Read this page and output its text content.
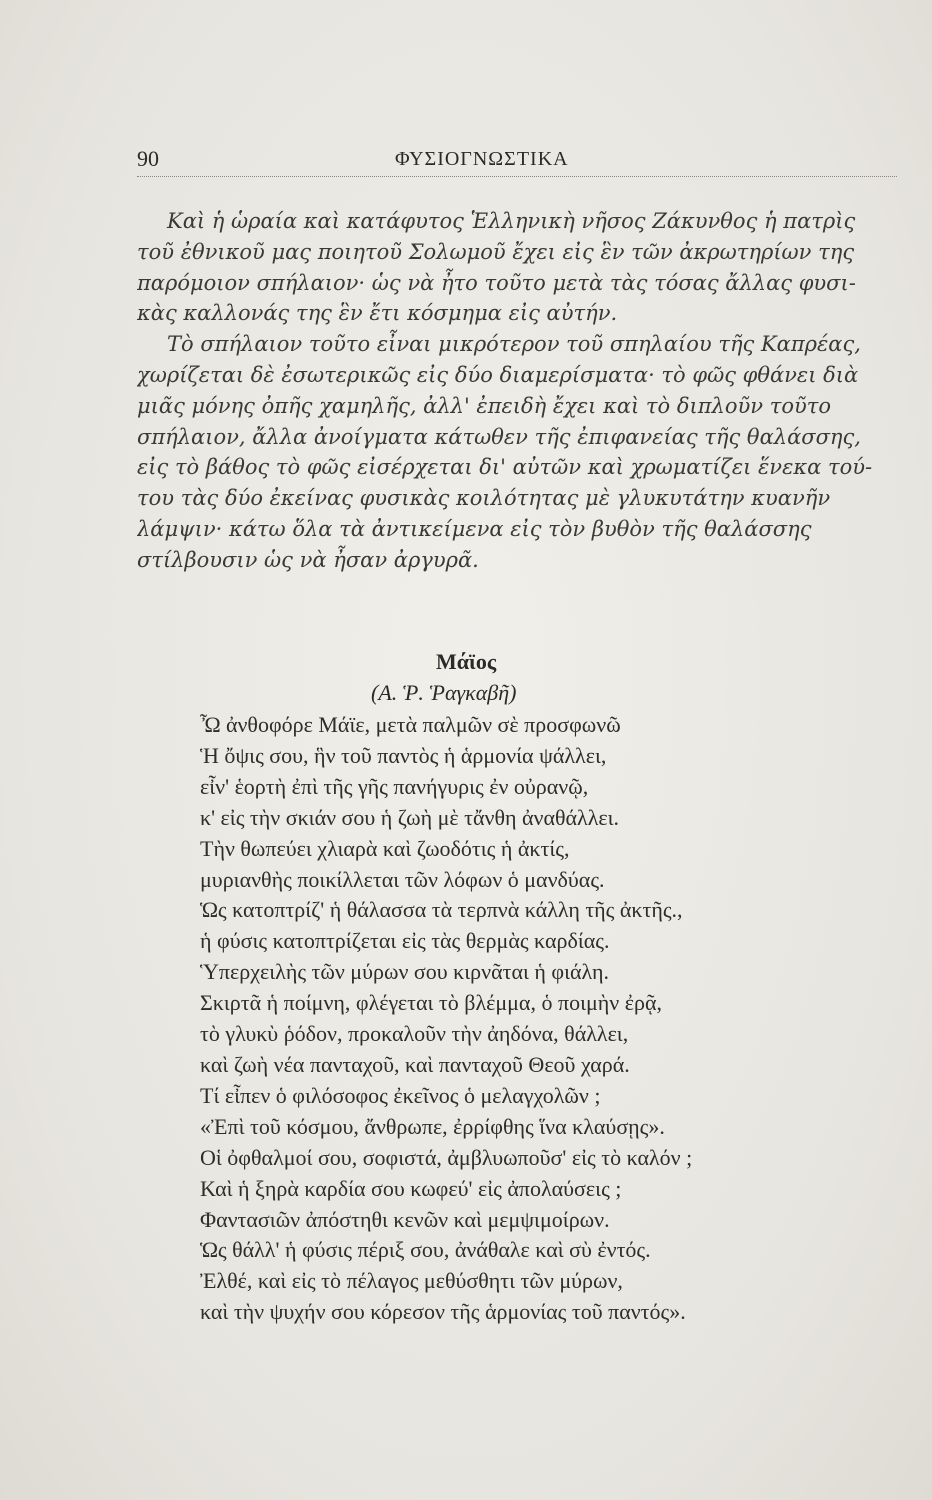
90	ΦΥΣΙΟΓΝΩΣΤΙΚΑ
Καὶ ἡ ὡραία καὶ κατάφυτος Ἑλληνικὴ νῆσος Ζάκυνθος ἡ πατρὶς
τοῦ ἐθνικοῦ μας ποιητοῦ Σολωμοῦ ἔχει εἰς ἓν τῶν ἀκρωτηρίων της
παρόμοιον σπήλαιον· ὡς νὰ ἦτο τοῦτο μετὰ τὰς τόσας ἄλλας φυσι-
κὰς καλλονάς της ἓν ἔτι κόσμημα εἰς αὐτήν.
Τὸ σπήλαιον τοῦτο εἶναι μικρότερον τοῦ σπηλαίου τῆς Καπρέας,
χωρίζεται δὲ ἐσωτερικῶς εἰς δύο διαμερίσματα· τὸ φῶς φθάνει διὰ
μιᾶς μόνης ὀπῆς χαμηλῆς, ἀλλ' ἐπειδὴ ἔχει καὶ τὸ διπλοῦν τοῦτο
σπήλαιον, ἄλλα ἀνοίγματα κάτωθεν τῆς ἐπιφανείας τῆς θαλάσσης,
εἰς τὸ βάθος τὸ φῶς εἰσέρχεται δι' αὐτῶν καὶ χρωματίζει ἕνεκα τού-
του τὰς δύο ἐκείνας φυσικὰς κοιλότητας μὲ γλυκυτάτην κυανῆν
λάμψιν· κάτω ὅλα τὰ ἀντικείμενα εἰς τὸν βυθὸν τῆς θαλάσσης
στίλβουσιν ὡς νὰ ἦσαν ἀργυρᾶ.
Μάϊος
(Α. Ῥ. Ῥαγκαβῆ)
Ὦ ἀνθοφόρε Μάϊε, μετὰ παλμῶν σὲ προσφωνῶ
Ἡ ὄψις σου, ἣν τοῦ παντὸς ἡ ἁρμονία ψάλλει,
εἶν' ἑορτὴ ἐπὶ τῆς γῆς πανήγυρις ἐν οὐρανῷ,
κ' εἰς τὴν σκιάν σου ἡ ζωὴ μὲ τἄνθη ἀναθάλλει.
Τὴν θωπεύει χλιαρὰ καὶ ζωοδότις ἡ ἀκτίς,
μυριανθὴς ποικίλλεται τῶν λόφων ὁ μανδύας.
Ὡς κατοπτρίζ' ἡ θάλασσα τὰ τερπνὰ κάλλη τῆς ἀκτῆς.,
ἡ φύσις κατοπτρίζεται εἰς τὰς θερμὰς καρδίας.
Ὑπερχειλὴς τῶν μύρων σου κιρνᾶται ἡ φιάλη.
Σκιρτᾶ ἡ ποίμνη, φλέγεται τὸ βλέμμα, ὁ ποιμὴν ἐρᾷ,
τὸ γλυκὺ ῥόδον, προκαλοῦν τὴν ἀηδόνα, θάλλει,
καὶ ζωὴ νέα πανταχοῦ, καὶ πανταχοῦ Θεοῦ χαρά.
Τί εἶπεν ὁ φιλόσοφος ἐκεῖνος ὁ μελαγχολῶν ;
«Ἐπὶ τοῦ κόσμου, ἄνθρωπε, ἐρρίφθης ἵνα κλαύσῃς».
Οἱ ὀφθαλμοί σου, σοφιστά, ἀμβλυωποῦσ' εἰς τὸ καλόν ;
Καὶ ἡ ξηρὰ καρδία σου κωφεύ' εἰς ἀπολαύσεις ;
Φαντασιῶν ἀπόστηθι κενῶν καὶ μεμψιμοίρων.
Ὡς θάλλ' ἡ φύσις πέριξ σου, ἀνάθαλε καὶ σὺ ἐντός.
Ἐλθέ, καὶ εἰς τὸ πέλαγος μεθύσθητι τῶν μύρων,
καὶ τὴν ψυχήν σου κόρεσον τῆς ἁρμονίας τοῦ παντός».
